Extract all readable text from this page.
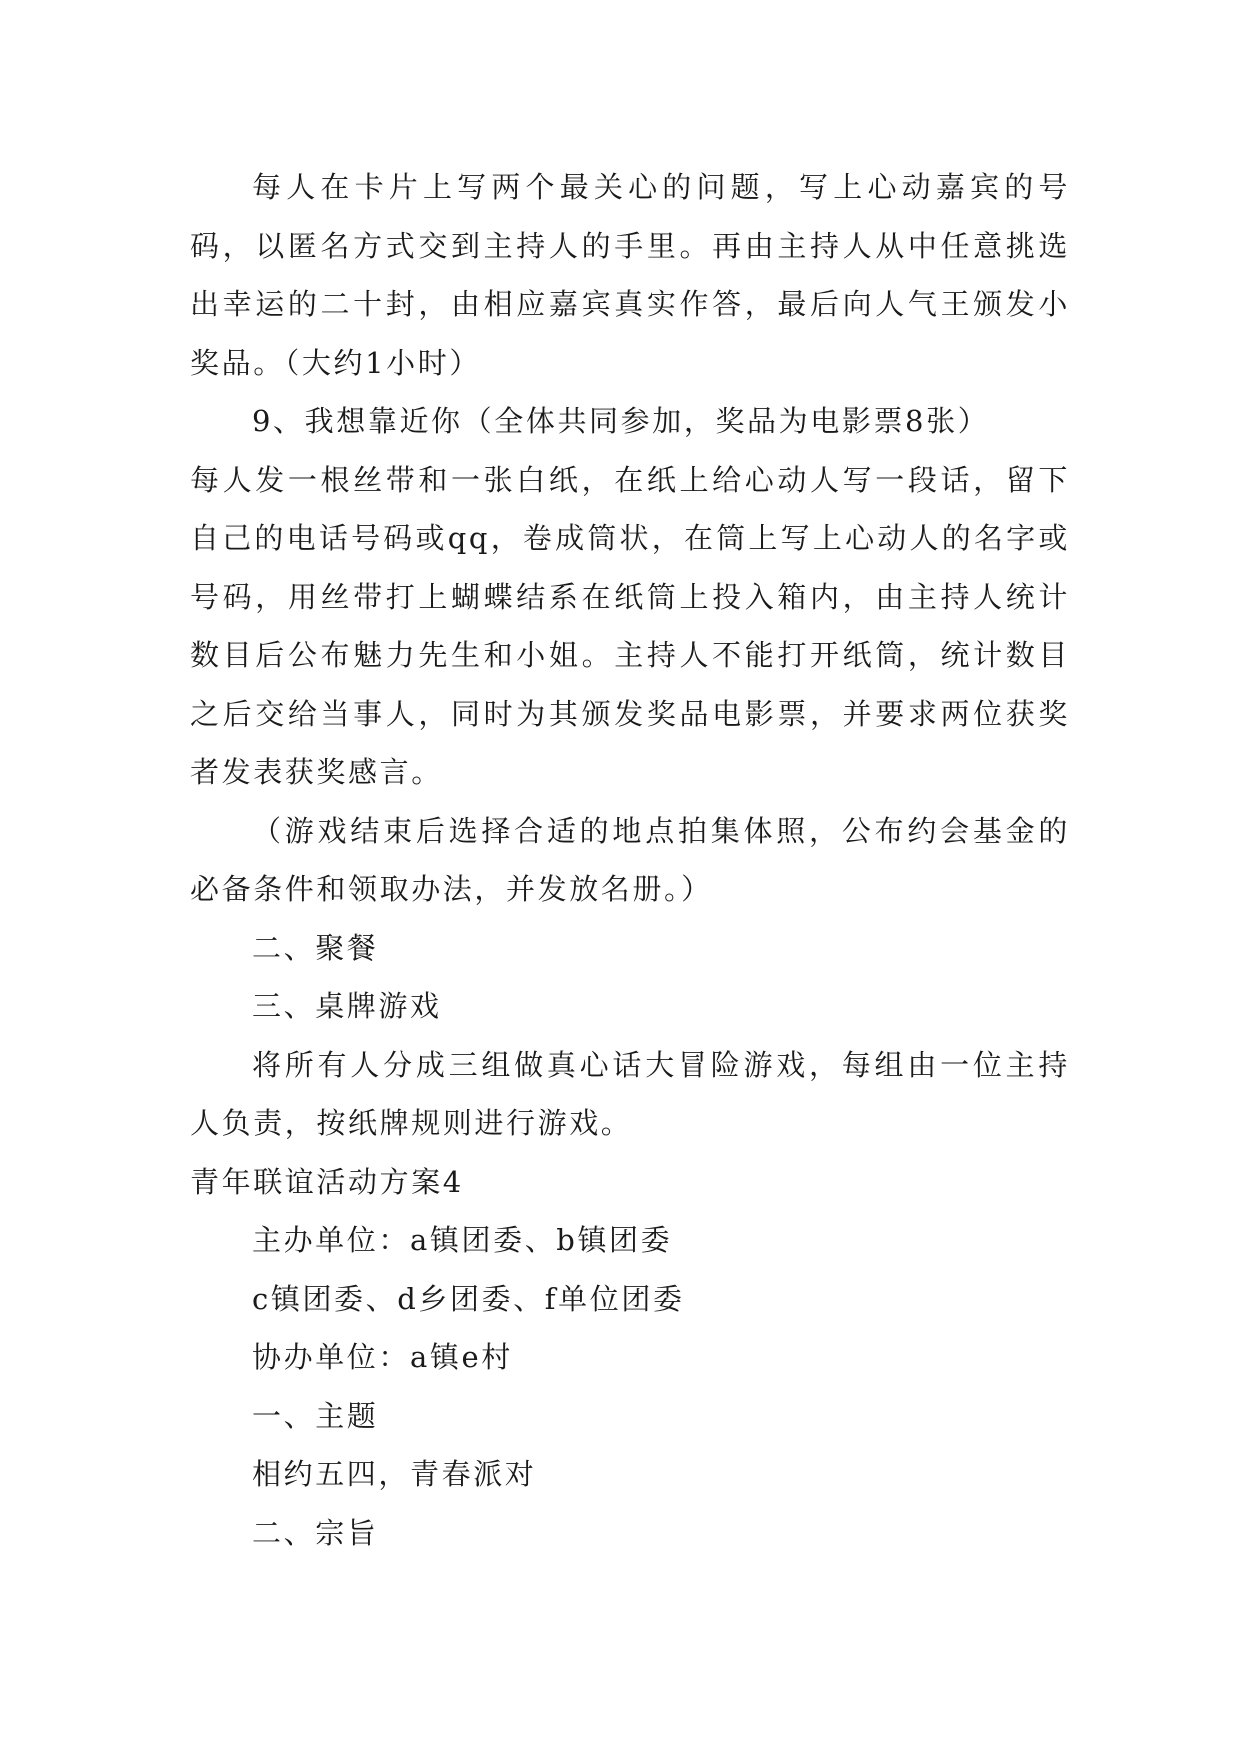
每人在卡片上写两个最关心的问题，写上心动嘉宾的号码，以匿名方式交到主持人的手里。再由主持人从中任意挑选出幸运的二十封，由相应嘉宾真实作答，最后向人气王颁发小奖品。（大约1小时）

9、我想靠近你（全体共同参加，奖品为电影票8张）

每人发一根丝带和一张白纸，在纸上给心动人写一段话，留下自己的电话号码或qq，卷成筒状，在筒上写上心动人的名字或号码，用丝带打上蝴蝶结系在纸筒上投入箱内，由主持人统计数目后公布魅力先生和小姐。主持人不能打开纸筒，统计数目之后交给当事人，同时为其颁发奖品电影票，并要求两位获奖者发表获奖感言。

（游戏结束后选择合适的地点拍集体照，公布约会基金的必备条件和领取办法，并发放名册。）

二、聚餐

三、桌牌游戏

将所有人分成三组做真心话大冒险游戏，每组由一位主持人负责，按纸牌规则进行游戏。

青年联谊活动方案4

主办单位：a镇团委、b镇团委

c镇团委、d乡团委、f单位团委

协办单位：a镇e村

一、主题

相约五四，青春派对

二、宗旨
